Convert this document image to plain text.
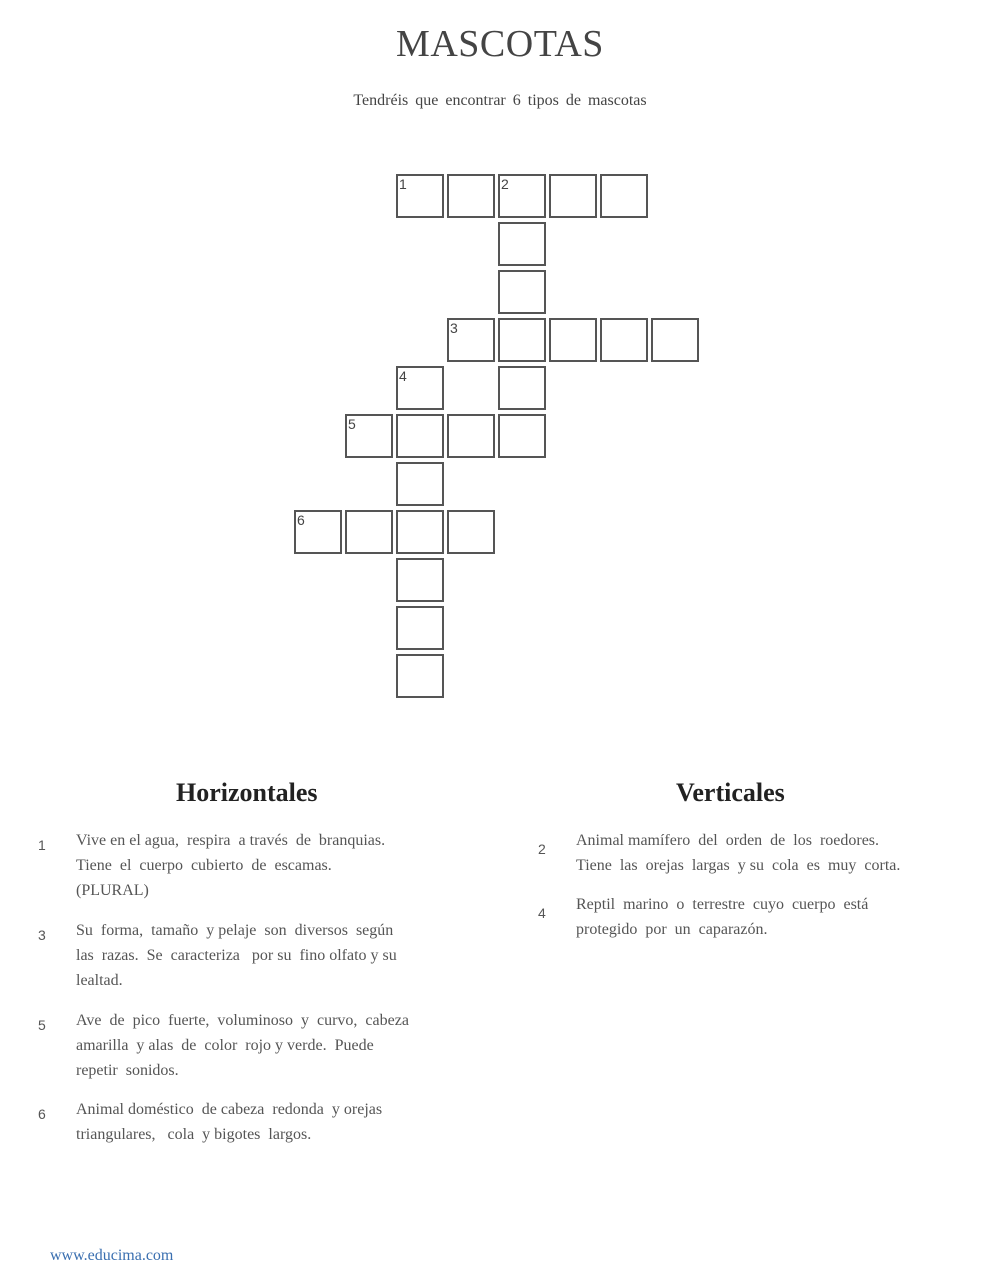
MASCOTAS
Tendréis que encontrar 6 tipos de mascotas
1	2
3
4
5
6
Horizontales
1 Vive en el agua,  respira  a través  de  branquias.
Tiene  el  cuerpo  cubierto  de  escamas.
(PLURAL)
3 Su  forma,  tamaño  y pelaje  son  diversos  según
las  razas.  Se  caracteriza   por su  fino olfato y su
lealtad.
5 Ave  de  pico  fuerte,  voluminoso  y  curvo,  cabeza
amarilla  y alas  de  color  rojo y verde.  Puede
repetir  sonidos.
6 Animal doméstico  de cabeza  redonda  y orejas
triangulares,   cola  y bigotes  largos.
Verticales
2 Animal mamífero  del  orden  de  los  roedores.
Tiene  las  orejas  largas  y su  cola  es  muy  corta.
4 Reptil  marino  o  terrestre  cuyo  cuerpo  está
protegido  por  un  caparazón.
www.educima.com
